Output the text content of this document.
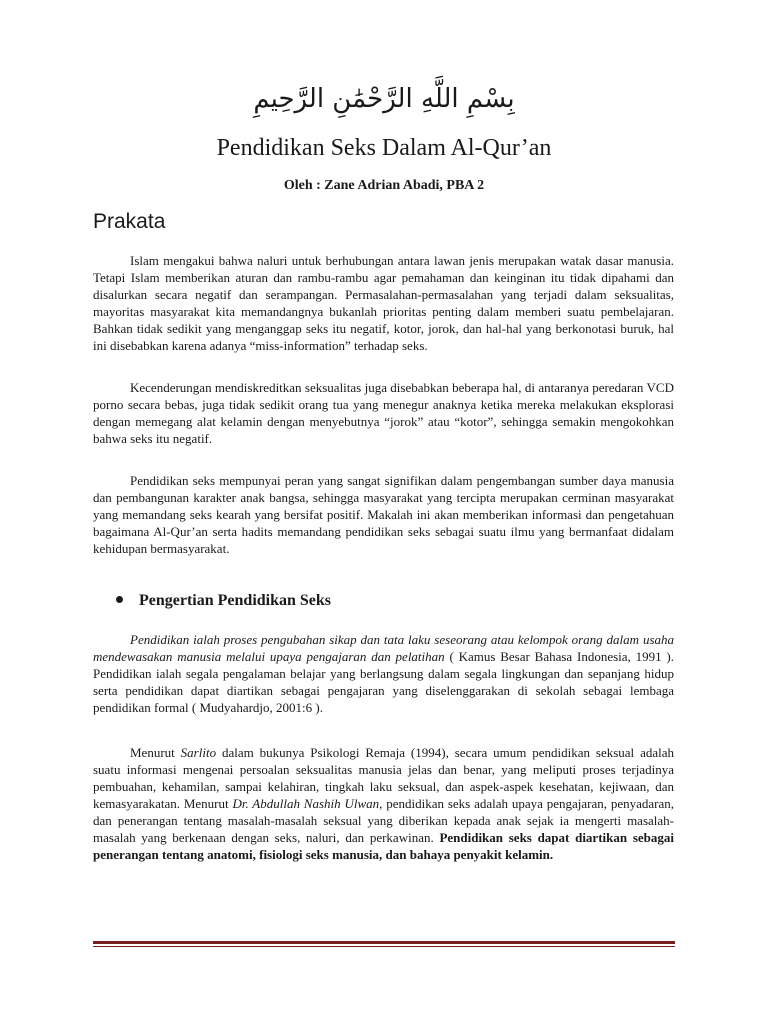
بِسْمِ اللَّهِ الرَّحْمَٰنِ الرَّحِيمِ
Pendidikan Seks Dalam Al-Qur’an
Oleh : Zane Adrian Abadi, PBA 2
Prakata

Islam mengakui bahwa naluri untuk berhubungan antara lawan jenis merupakan watak dasar manusia. Tetapi Islam memberikan aturan dan rambu-rambu agar pemahaman dan keinginan itu tidak dipahami dan disalurkan secara negatif dan serampangan. Permasalahan-permasalahan yang terjadi dalam seksualitas, mayoritas masyarakat kita memandangnya bukanlah prioritas penting dalam memberi suatu pembelajaran. Bahkan tidak sedikit yang menganggap seks itu negatif, kotor, jorok, dan hal-hal yang berkonotasi buruk, hal ini disebabkan karena adanya “miss-information” terhadap seks.

Kecenderungan mendiskreditkan seksualitas juga disebabkan beberapa hal, di antaranya peredaran VCD porno secara bebas, juga tidak sedikit orang tua yang menegur anaknya ketika mereka melakukan eksplorasi dengan memegang alat kelamin dengan menyebutnya “jorok” atau “kotor”, sehingga semakin mengokohkan bahwa seks itu negatif.

Pendidikan seks mempunyai peran yang sangat signifikan dalam pengembangan sumber daya manusia dan pembangunan karakter anak bangsa, sehingga masyarakat yang tercipta merupakan cerminan masyarakat yang memandang seks kearah yang bersifat positif. Makalah ini akan memberikan informasi dan pengetahuan bagaimana Al-Qur’an serta hadits memandang pendidikan seks sebagai suatu ilmu yang bermanfaat didalam kehidupan bermasyarakat.

Pengertian Pendidikan Seks

Pendidikan ialah proses pengubahan sikap dan tata laku seseorang atau kelompok orang dalam usaha mendewasakan manusia melalui upaya pengajaran dan pelatihan ( Kamus Besar Bahasa Indonesia, 1991 ). Pendidikan ialah segala pengalaman belajar yang berlangsung dalam segala lingkungan dan sepanjang hidup serta pendidikan dapat diartikan sebagai pengajaran yang diselenggarakan di sekolah sebagai lembaga pendidikan formal ( Mudyahardjo, 2001:6 ).

Menurut Sarlito dalam bukunya Psikologi Remaja (1994), secara umum pendidikan seksual adalah suatu informasi mengenai persoalan seksualitas manusia jelas dan benar, yang meliputi proses terjadinya pembuahan, kehamilan, sampai kelahiran, tingkah laku seksual, dan aspek-aspek kesehatan, kejiwaan, dan kemasyarakatan. Menurut Dr. Abdullah Nashih Ulwan, pendidikan seks adalah upaya pengajaran, penyadaran, dan penerangan tentang masalah-masalah seksual yang diberikan kepada anak sejak ia mengerti masalah-masalah yang berkenaan dengan seks, naluri, dan perkawinan. Pendidikan seks dapat diartikan sebagai penerangan tentang anatomi, fisiologi seks manusia, dan bahaya penyakit kelamin.
